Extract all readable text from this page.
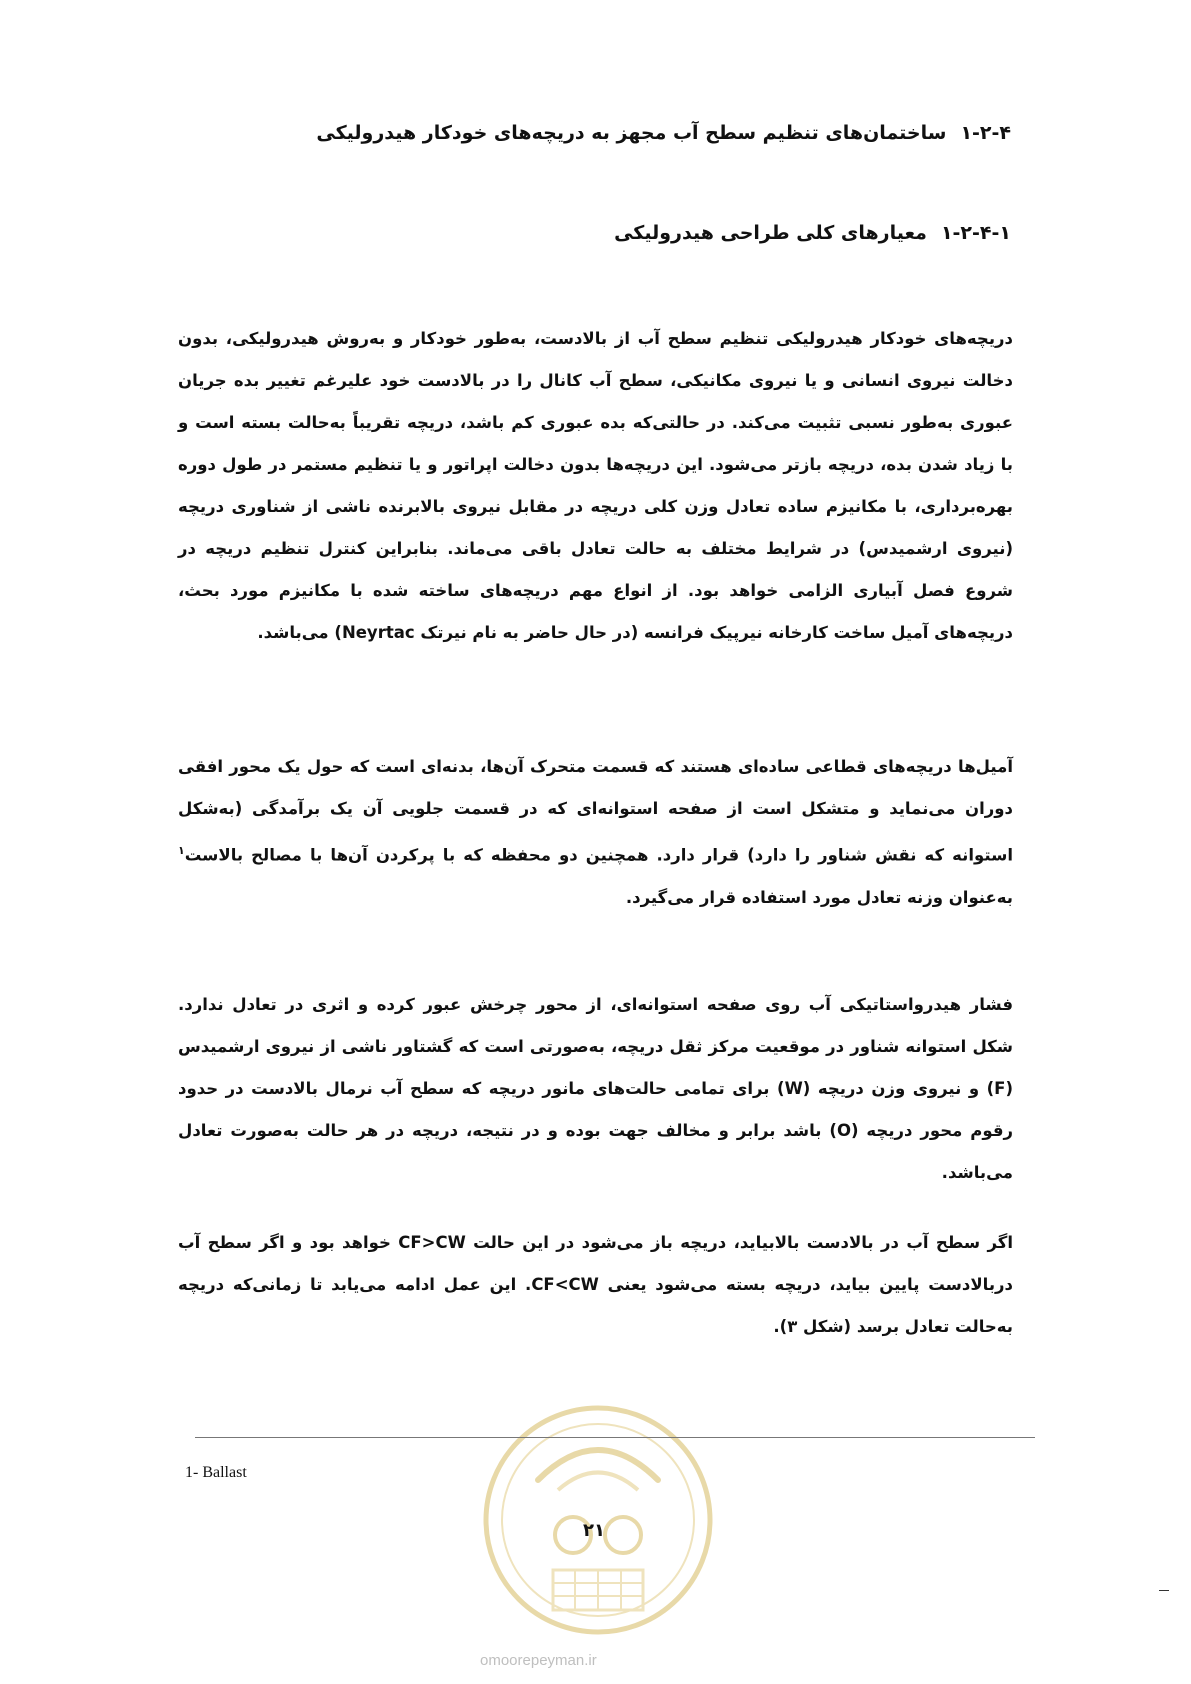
۱-۲-۴ساختمان‌های تنظیم سطح آب مجهز به دریچه‌های خودکار هیدرولیکی
۱-۲-۴-۱معیارهای کلی طراحی هیدرولیکی
دریچه‌های خودکار هیدرولیکی تنظیم سطح آب از بالادست، به‌طور خودکار و به‌روش هیدرولیکی، بدون دخالت نیروی انسانی و یا نیروی مکانیکی، سطح آب کانال را در بالادست خود علیرغم تغییر بده جریان عبوری به‌طور نسبی تثبیت می‌کند. در حالتی‌که بده عبوری کم باشد، دریچه تقریباً به‌حالت بسته است و با زیاد شدن بده، دریچه بازتر می‌شود. این دریچه‌ها بدون دخالت اپراتور و یا تنظیم مستمر در طول دوره بهره‌برداری، با مکانیزم ساده تعادل وزن کلی دریچه در مقابل نیروی بالابرنده ناشی از شناوری دریچه (نیروی ارشمیدس) در شرایط مختلف به حالت تعادل باقی می‌ماند. بنابراین کنترل تنظیم دریچه در شروع فصل آبیاری الزامی خواهد بود. از انواع مهم دریچه‌های ساخته شده با مکانیزم مورد بحث، دریچه‌های آمیل ساخت کارخانه نیرپیک فرانسه (در حال حاضر به نام نیرتک Neyrtac) می‌باشد.
آمیل‌ها دریچه‌های قطاعی ساده‌ای هستند که قسمت متحرک آن‌ها، بدنه‌ای است که حول یک محور افقی دوران می‌نماید و متشکل است از صفحه استوانه‌ای که در قسمت جلویی آن یک برآمدگی (به‌شکل استوانه که نقش شناور را دارد) قرار دارد. همچنین دو محفظه که با پرکردن آن‌ها با مصالح بالاست$^۱$ به‌عنوان وزنه تعادل مورد استفاده قرار می‌گیرد.
فشار هیدرواستاتیکی آب روی صفحه استوانه‌ای، از محور چرخش عبور کرده و اثری در تعادل ندارد. شکل استوانه شناور در موقعیت مرکز ثقل دریچه، به‌صورتی است که گشتاور ناشی از نیروی ارشمیدس (F) و نیروی وزن دریچه (W) برای تمامی حالت‌های مانور دریچه که سطح آب نرمال بالادست در حدود رقوم محور دریچه (O) باشد برابر و مخالف جهت بوده و در نتیجه، دریچه در هر حالت به‌صورت تعادل می‌باشد.
اگر سطح آب در بالادست بالابیاید، دریچه باز می‌شود در این حالت CF>CW خواهد بود و اگر سطح آب دربالادست پایین بیاید، دریچه بسته می‌شود یعنی CF<CW. این عمل ادامه می‌یابد تا زمانی‌که دریچه به‌حالت تعادل برسد (شکل ۳).
1- Ballast
۲۱
omoorepeyman.ir
